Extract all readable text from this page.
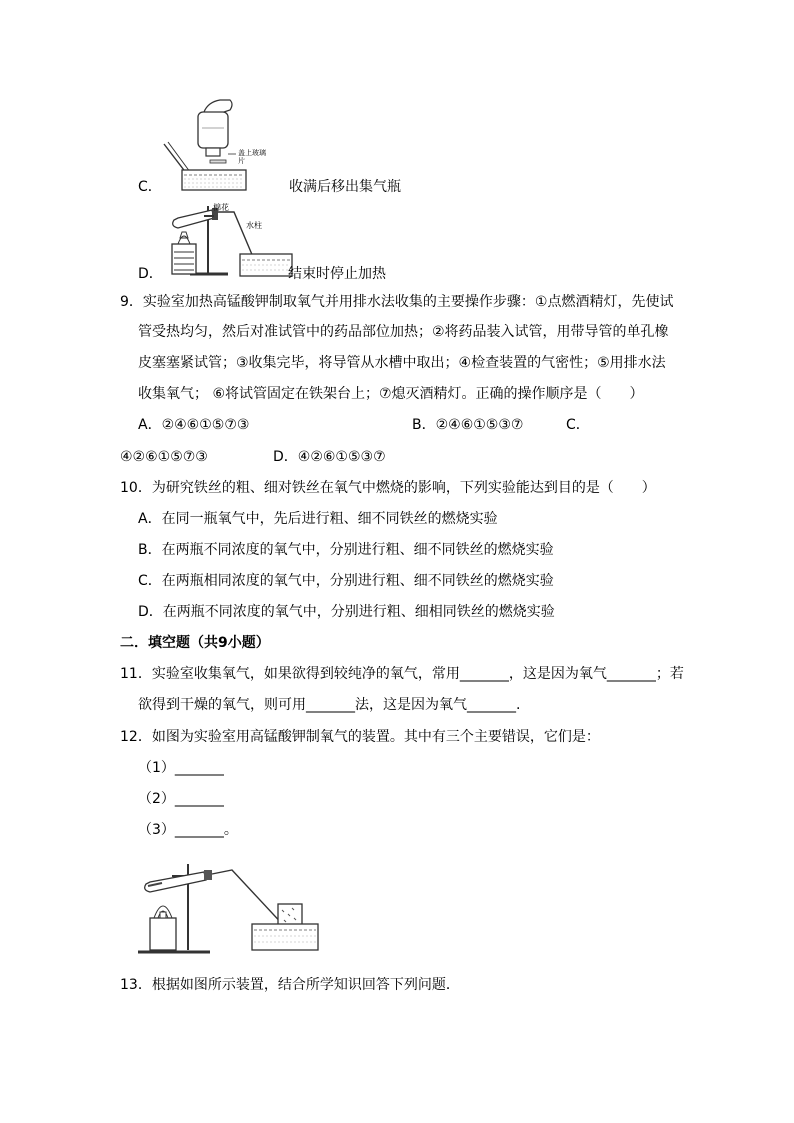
盖上玻璃片
C．	收满后移出集气瓶
棉花
水柱
D．	结束时停止加热
9．实验室加热高锰酸钾制取氧气并用排水法收集的主要操作步骤：①点燃酒精灯，先使试
管受热均匀，然后对准试管中的药品部位加热；②将药品装入试管，用带导管的单孔橡
皮塞塞紧试管；③收集完毕，将导管从水槽中取出；④检查装置的气密性；⑤用排水法
收集氧气； ⑥将试管固定在铁架台上；⑦熄灭酒精灯。正确的操作顺序是（　　）
A．②④⑥①⑤⑦③	B．②④⑥①⑤③⑦	C．
④②⑥①⑤⑦③	D．④②⑥①⑤③⑦
10．为研究铁丝的粗、细对铁丝在氧气中燃烧的影响，下列实验能达到目的是（　　）
A．在同一瓶氧气中，先后进行粗、细不同铁丝的燃烧实验
B．在两瓶不同浓度的氧气中，分别进行粗、细不同铁丝的燃烧实验
C．在两瓶相同浓度的氧气中，分别进行粗、细不同铁丝的燃烧实验
D．在两瓶不同浓度的氧气中，分别进行粗、细相同铁丝的燃烧实验
二．填空题（共9小题）
11．实验室收集氧气，如果欲得到较纯净的氧气，常用_______，这是因为氧气_______；若
欲得到干燥的氧气，则可用_______法，这是因为氧气_______.
12．如图为实验室用高锰酸钾制氧气的装置。其中有三个主要错误，它们是：
（1）_______
（2）_______
（3）_______。
13．根据如图所示装置，结合所学知识回答下列问题．
